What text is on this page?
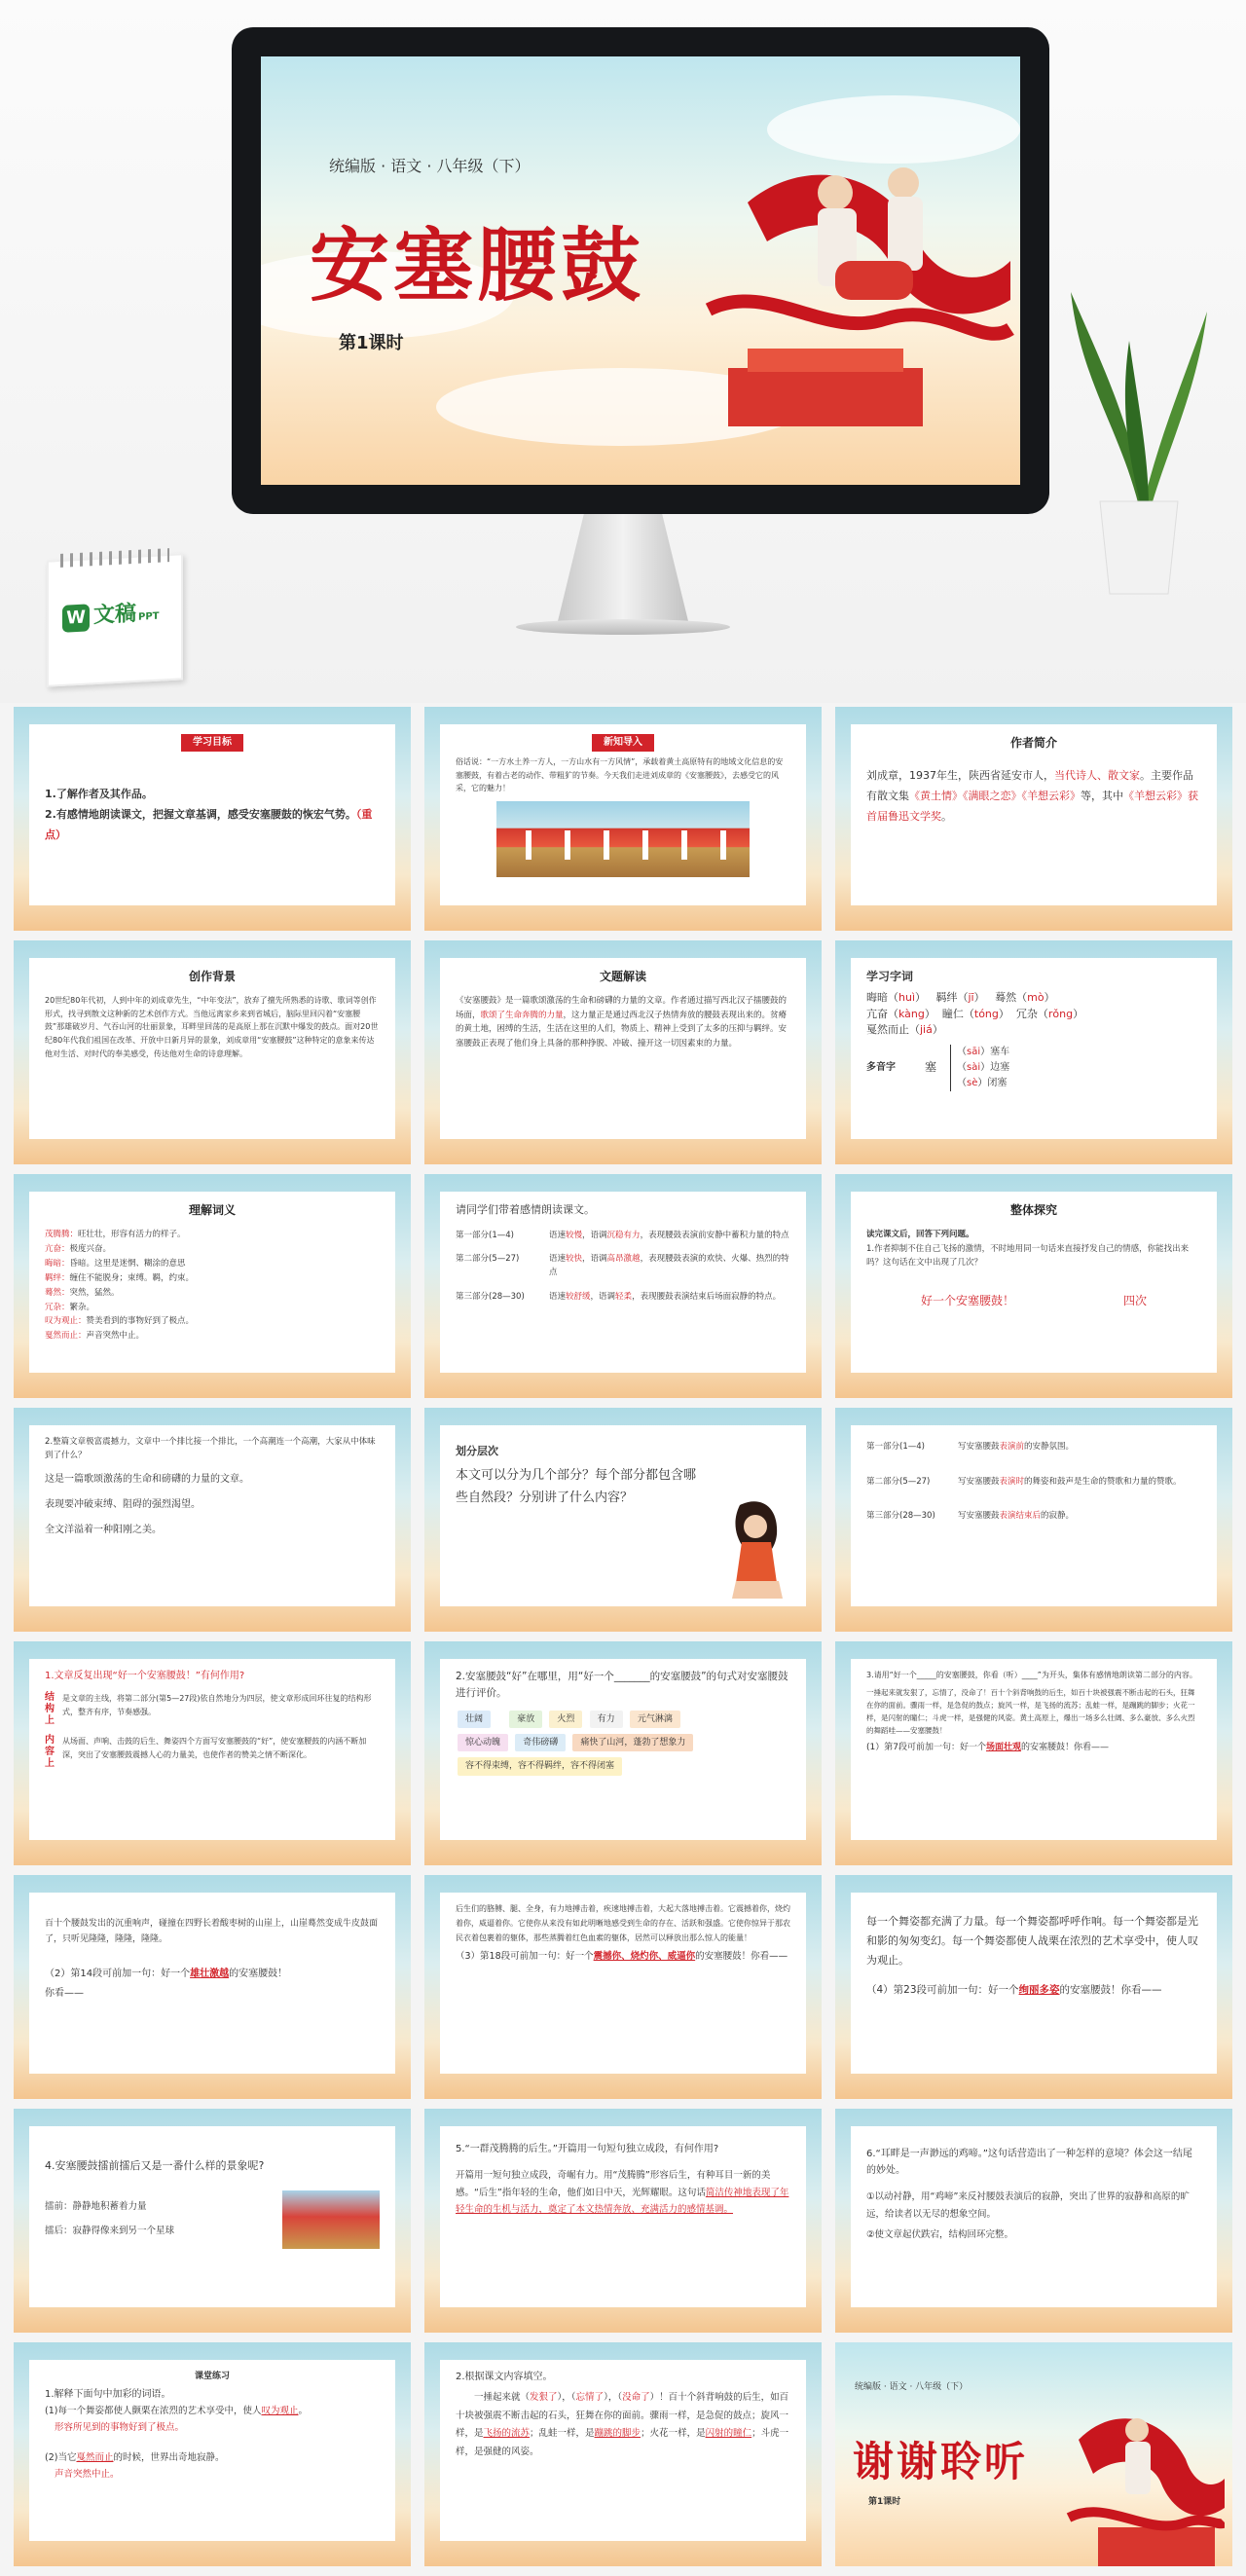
统编版 · 语文 · 八年级（下）
安塞腰鼓
第1课时
W 文稿 PPT
学习目标
1.了解作者及其作品。
2.有感情地朗读课文，把握文章基调，感受安塞腰鼓的恢宏气势。（重点）
新知导入
俗话说：“一方水土养一方人，一方山水有一方风情”，承载着黄土高原特有的地域文化信息的安塞腰鼓，有着古老的动作、带粗犷的节奏。今天我们走进刘成章的《安塞腰鼓》，去感受它的风采，它的魅力！
作者简介
刘成章，1937年生，陕西省延安市人，当代诗人、散文家。主要作品有散文集《黄土情》《满眼之恋》《羊想云彩》等，其中《羊想云彩》获首届鲁迅文学奖。
创作背景
20世纪80年代初，人到中年的刘成章先生，“中年变法”，放弃了擅先所熟悉的诗歌、歌词等创作形式，找寻到散文这种新的艺术创作方式。当他远离家乡来到省城后，脑际里回闪着“安塞腰鼓”那雄破岁月、气吞山河的壮丽景象，耳畔里回荡的是高原上那在沉默中爆发的鼓点。面对20世纪80年代我们祖国在改革、开放中日新月异的景象，刘成章用“安塞腰鼓”这种特定的意象来传达他对生活、对时代的奉美感受，传达他对生命的诗意理解。
文题解读
《安塞腰鼓》是一篇歌颂激荡的生命和磅礴的力量的文章。作者通过描写西北汉子擂腰鼓的场面，歌颂了生命奔腾的力量，这力量正是通过西北汉子热情奔放的腰鼓表现出来的。贫瘠的黄土地，困缚的生活，生活在这里的人们，物质上、精神上受到了太多的压抑与羁绊。安塞腰鼓正表现了他们身上具备的那种挣脱、冲破、撞开这一切因素束的力量。
学习字词
晦暗（huì）   羁绊（jī）   蓦然（mò）
亢奋（kàng）  瞳仁（tóng）  冗杂（rǒng）
戛然而止（jiá）
多音字	塞
（sāi）塞车
（sài）边塞
（sè）闭塞
理解词义
茂腾腾：旺壮壮，形容有活力的样子。
亢奋：极度兴奋。
晦暗：昏暗。这里是迷惘、糊涂的意思
羁绊：缠住不能脱身；束缚。羁，约束。
蓦然：突然，猛然。
冗杂：繁杂。
叹为观止：赞美看到的事物好到了极点。
戛然而止：声音突然中止。
请同学们带着感情朗读课文。
第一部分(1—4)	语速较慢，语调沉稳有力，表现腰鼓表演前安静中蓄积力量的特点
第二部分(5—27)	语速较快，语调高昂激越，表现腰鼓表演的欢快、火爆、热烈的特点
第三部分(28—30)	语速较舒缓，语调轻柔，表现腰鼓表演结束后场面寂静的特点。
整体探究
读完课文后，回答下列问题。
1.作者抑制不住自己飞扬的激情，不时地用同一句话来直接抒发自己的情感，你能找出来吗？这句话在文中出现了几次？
好一个安塞腰鼓！	四次
2.整篇文章极富震撼力，文章中一个排比接一个排比，一个高潮连一个高潮，大家从中体味到了什么？
这是一篇歌颂激荡的生命和磅礴的力量的文章。
表现要冲破束缚、阻碍的强烈渴望。
全文洋溢着一种阳刚之美。
划分层次
本文可以分为几个部分？每个部分都包含哪些自然段？分别讲了什么内容？
第一部分(1—4)	写安塞腰鼓表演前的安静氛围。
第二部分(5—27)	写安塞腰鼓表演时的舞姿和鼓声是生命的赞歌和力量的赞歌。
第三部分(28—30)	写安塞腰鼓表演结束后的寂静。
1.文章反复出现“好一个安塞腰鼓！”有何作用?
结构上
是文章的主线，将第二部分(第5—27段)依自然地分为四层，使文章形成回环往复的结构形式，整齐有序，节奏感强。
内容上
从场面、声响、击鼓的后生、舞姿四个方面写安塞腰鼓的“好”，使安塞腰鼓的内涵不断加深，突出了安塞腰鼓震撼人心的力量美，也使作者的赞美之情不断深化。
2.安塞腰鼓“好”在哪里，用“好一个_______的安塞腰鼓”的句式对安塞腰鼓进行评价。
壮阔	豪放	火烈	有力	元气淋漓
惊心动魄	奇伟磅礴	痛快了山河，蓬勃了想象力
容不得束缚，容不得羁绊，容不得闭塞
3.请用“好一个_____的安塞腰鼓，你看（听）____”为开头，集体有感情地朗读第二部分的内容。
一捶起来就发狠了，忘情了，没命了！百十个斜背响鼓的后生，如百十块被强震不断击起的石头，狂舞在你的面前。骤雨一样，是急促的鼓点；旋风一样，是飞扬的流苏；乱蛙一样，是蹦跳的脚步；火花一样，是闪射的瞳仁；斗虎一样，是强健的风姿。黄土高原上，爆出一场多么壮阔、多么豪放、多么火烈的舞蹈哇——安塞腰鼓！
(1）第7段可前加一句：好一个场面壮观的安塞腰鼓！你看——
百十个腰鼓发出的沉重响声，碰撞在四野长着酸枣树的山崖上，山崖蓦然变成牛皮鼓面了，只听见隆隆，隆隆，隆隆。
（2）第14段可前加一句：好一个雄壮激越的安塞腰鼓！
你看——
后生们的胳膊、腿、全身，有力地搏击着，疾速地搏击着，大起大落地搏击着。它震撼着你，烧灼着你，威逼着你。它使你从来没有如此明晰地感受到生命的存在、活跃和强盛。它使你惊异于那农民衣着包裹着的躯体，那些蒸腾着红色血素的躯体，居然可以释放出那么惊人的能量！
（3）第18段可前加一句：好一个震撼你、烧灼你、威逼你的安塞腰鼓！你看——
每一个舞姿都充满了力量。每一个舞姿都呼呼作响。每一个舞姿都是光和影的匆匆变幻。每一个舞姿都使人战栗在浓烈的艺术享受中，使人叹为观止。
（4）第23段可前加一句：好一个绚丽多姿的安塞腰鼓！你看——
4.安塞腰鼓擂前擂后又是一番什么样的景象呢?
擂前：静静地积蓄着力量
擂后：寂静得像来到另一个星球
5.“一群茂腾腾的后生。”开篇用一句短句独立成段，有何作用?
开篇用一短句独立成段，奇崛有力。用“茂腾腾”形容后生，有种耳目一新的美感。“后生”指年轻的生命，他们如日中天，光辉耀眼。这句话简洁传神地表现了年轻生命的生机与活力，奠定了本文热情奔放、充满活力的感情基调。
6.“耳畔是一声渺远的鸡啼。”这句话营造出了一种怎样的意境？体会这一结尾的妙处。
①以动衬静，用“鸡啼”来反衬腰鼓表演后的寂静，突出了世界的寂静和高原的旷远，给读者以无尽的想象空间。
②使文章起伏跌宕，结构回环完整。
课堂练习
1.解释下面句中加彩的词语。
(1)每一个舞姿都使人颤栗在浓烈的艺术享受中，使人叹为观止。
形容所见到的事物好到了极点。
(2)当它戛然而止的时候，世界出奇地寂静。
声音突然中止。
2.根据课文内容填空。
一捶起来就（发狠了），（忘情了），（没命了）！百十个斜背响鼓的后生，如百十块被强震不断击起的石头，狂舞在你的面前。骤雨一样，是急促的鼓点；旋风一样，是飞扬的流苏；乱蛙一样，是蹦跳的脚步；火花一样，是闪射的瞳仁；斗虎一样，是强健的风姿。
统编版 · 语文 · 八年级（下）
谢谢聆听
第1课时
